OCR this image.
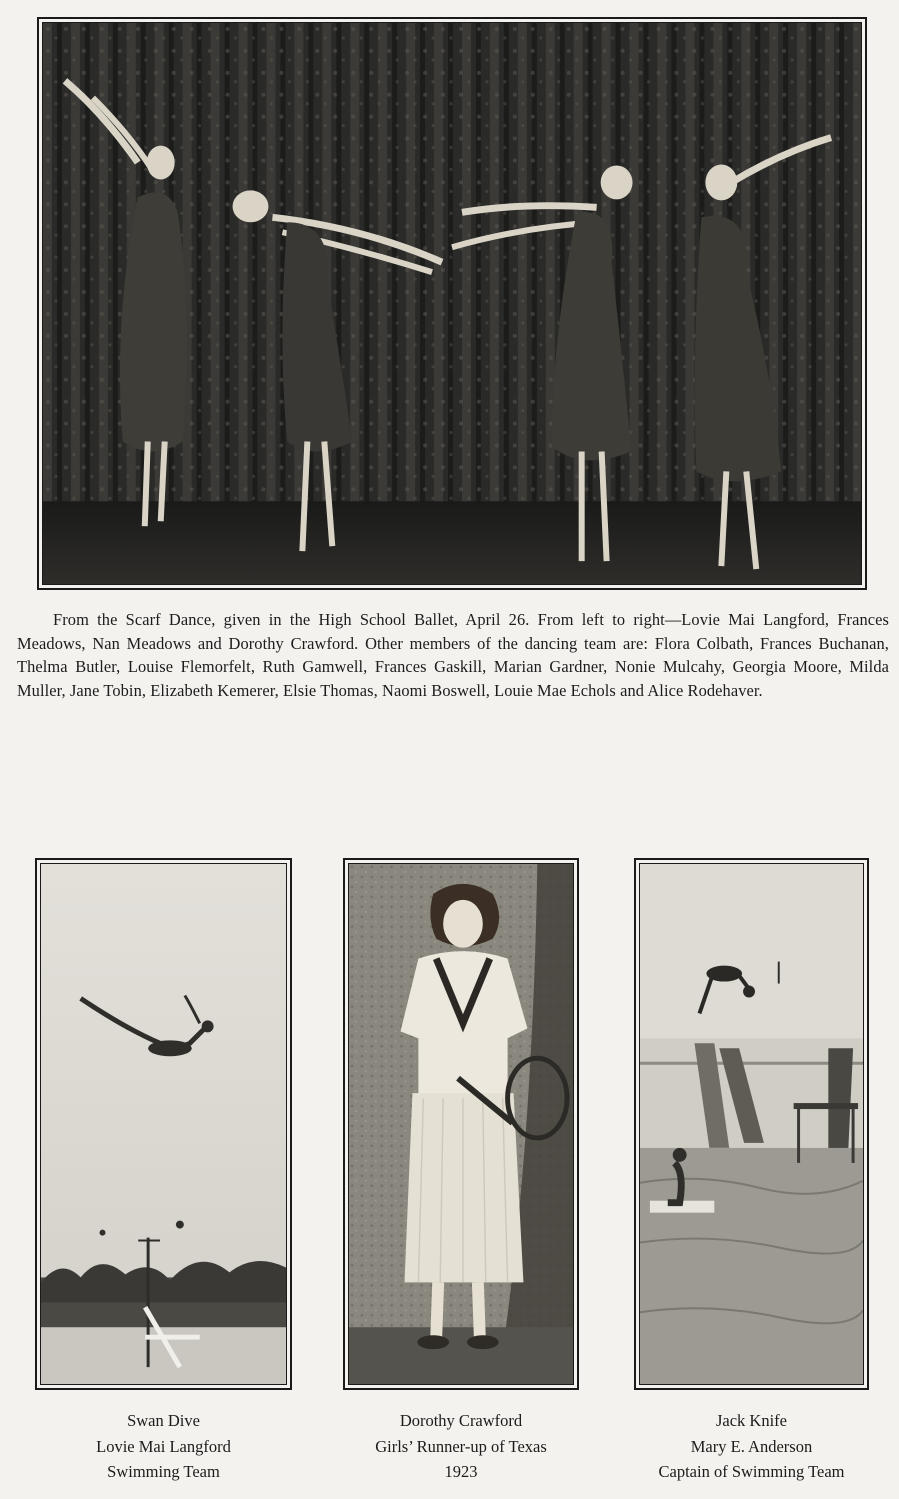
From the Scarf Dance, given in the High School Ballet, April 26. From left to right—Lovie Mai Langford, Frances Meadows, Nan Meadows and Dorothy Crawford. Other members of the dancing team are: Flora Colbath, Frances Buchanan, Thelma Butler, Louise Flemorfelt, Ruth Gamwell, Frances Gaskill, Marian Gardner, Nonie Mulcahy, Georgia Moore, Milda Muller, Jane Tobin, Elizabeth Kemerer, Elsie Thomas, Naomi Boswell, Louie Mae Echols and Alice Rodehaver.
Swan Dive
Lovie Mai Langford
Swimming Team
Dorothy Crawford
Girls’ Runner-up of Texas
1923
Jack Knife
Mary E. Anderson
Captain of Swimming Team
